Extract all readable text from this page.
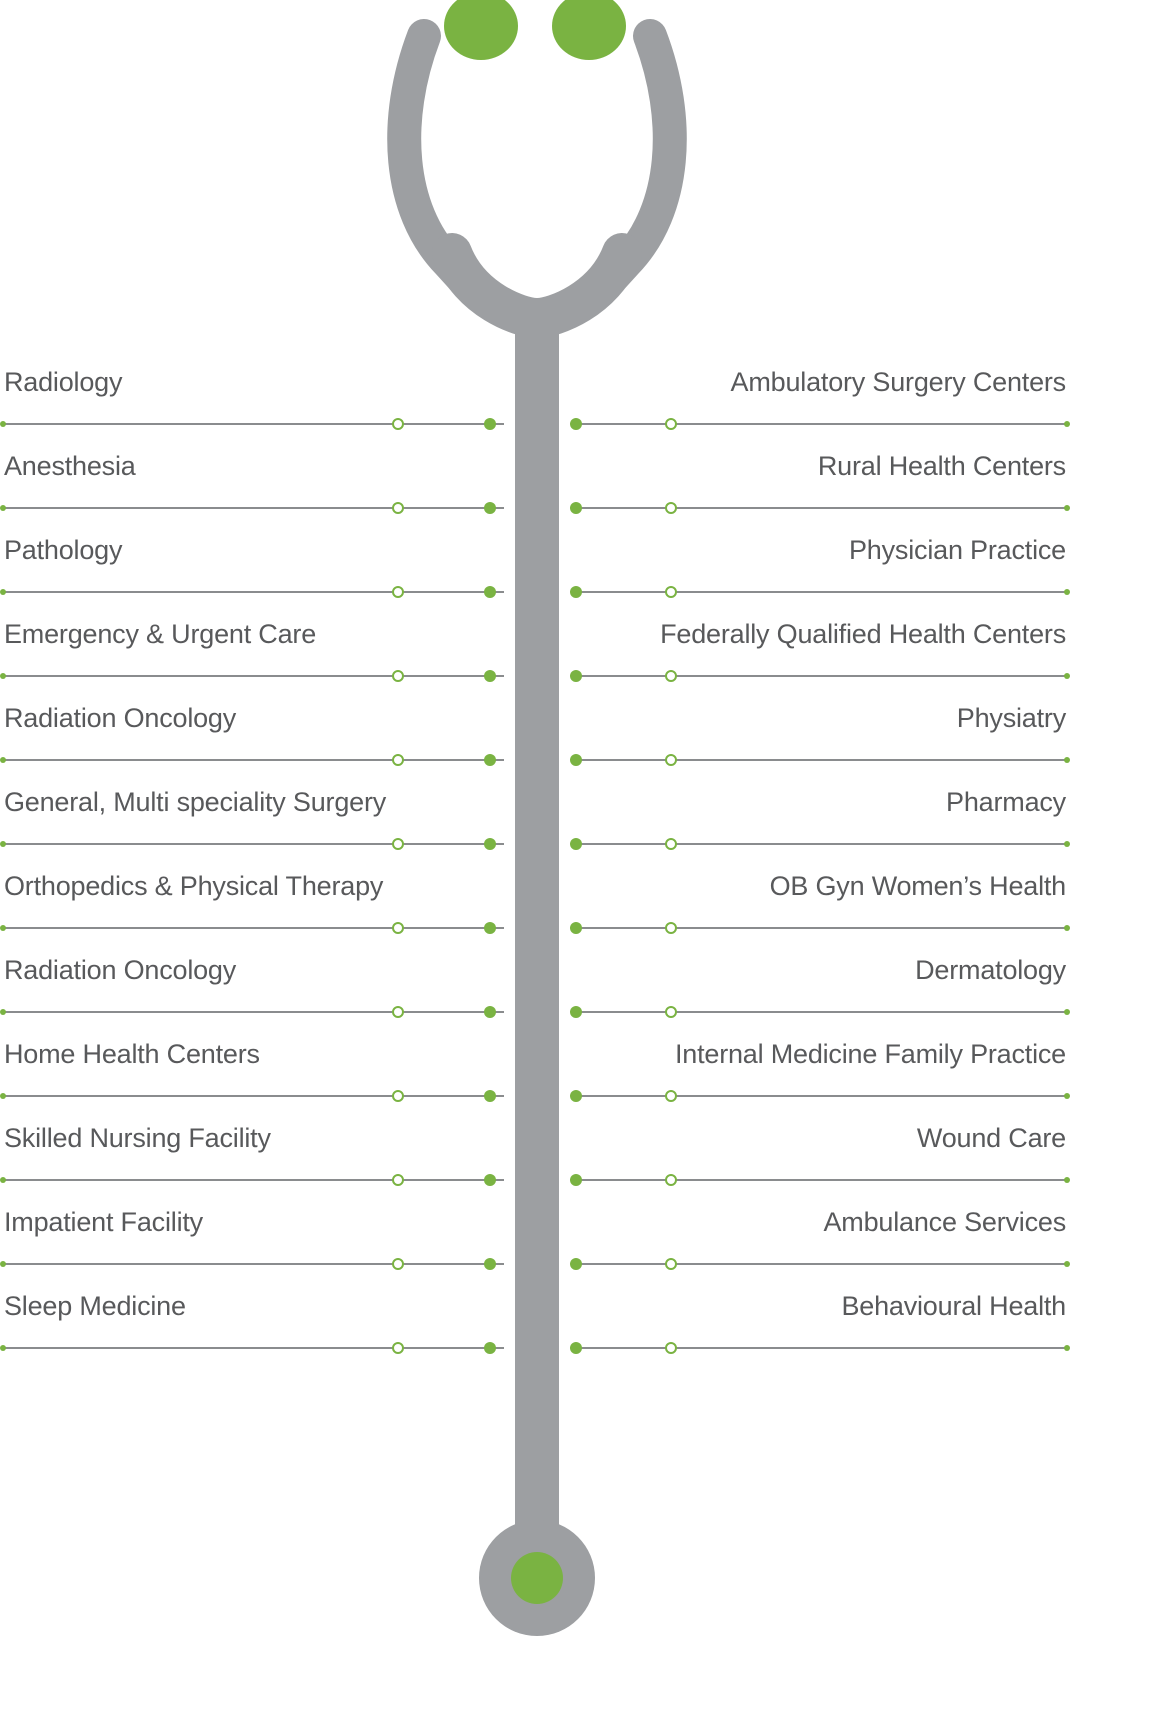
Radiology
Anesthesia
Pathology
Emergency & Urgent Care
Radiation Oncology
General, Multi speciality Surgery
Orthopedics & Physical Therapy
Radiation Oncology
Home Health Centers
Skilled Nursing Facility
Impatient Facility
Sleep Medicine
Ambulatory Surgery Centers
Rural Health Centers
Physician Practice
Federally Qualified Health Centers
Physiatry
Pharmacy
OB Gyn Women’s Health
Dermatology
Internal Medicine Family Practice
Wound Care
Ambulance Services
Behavioural Health
